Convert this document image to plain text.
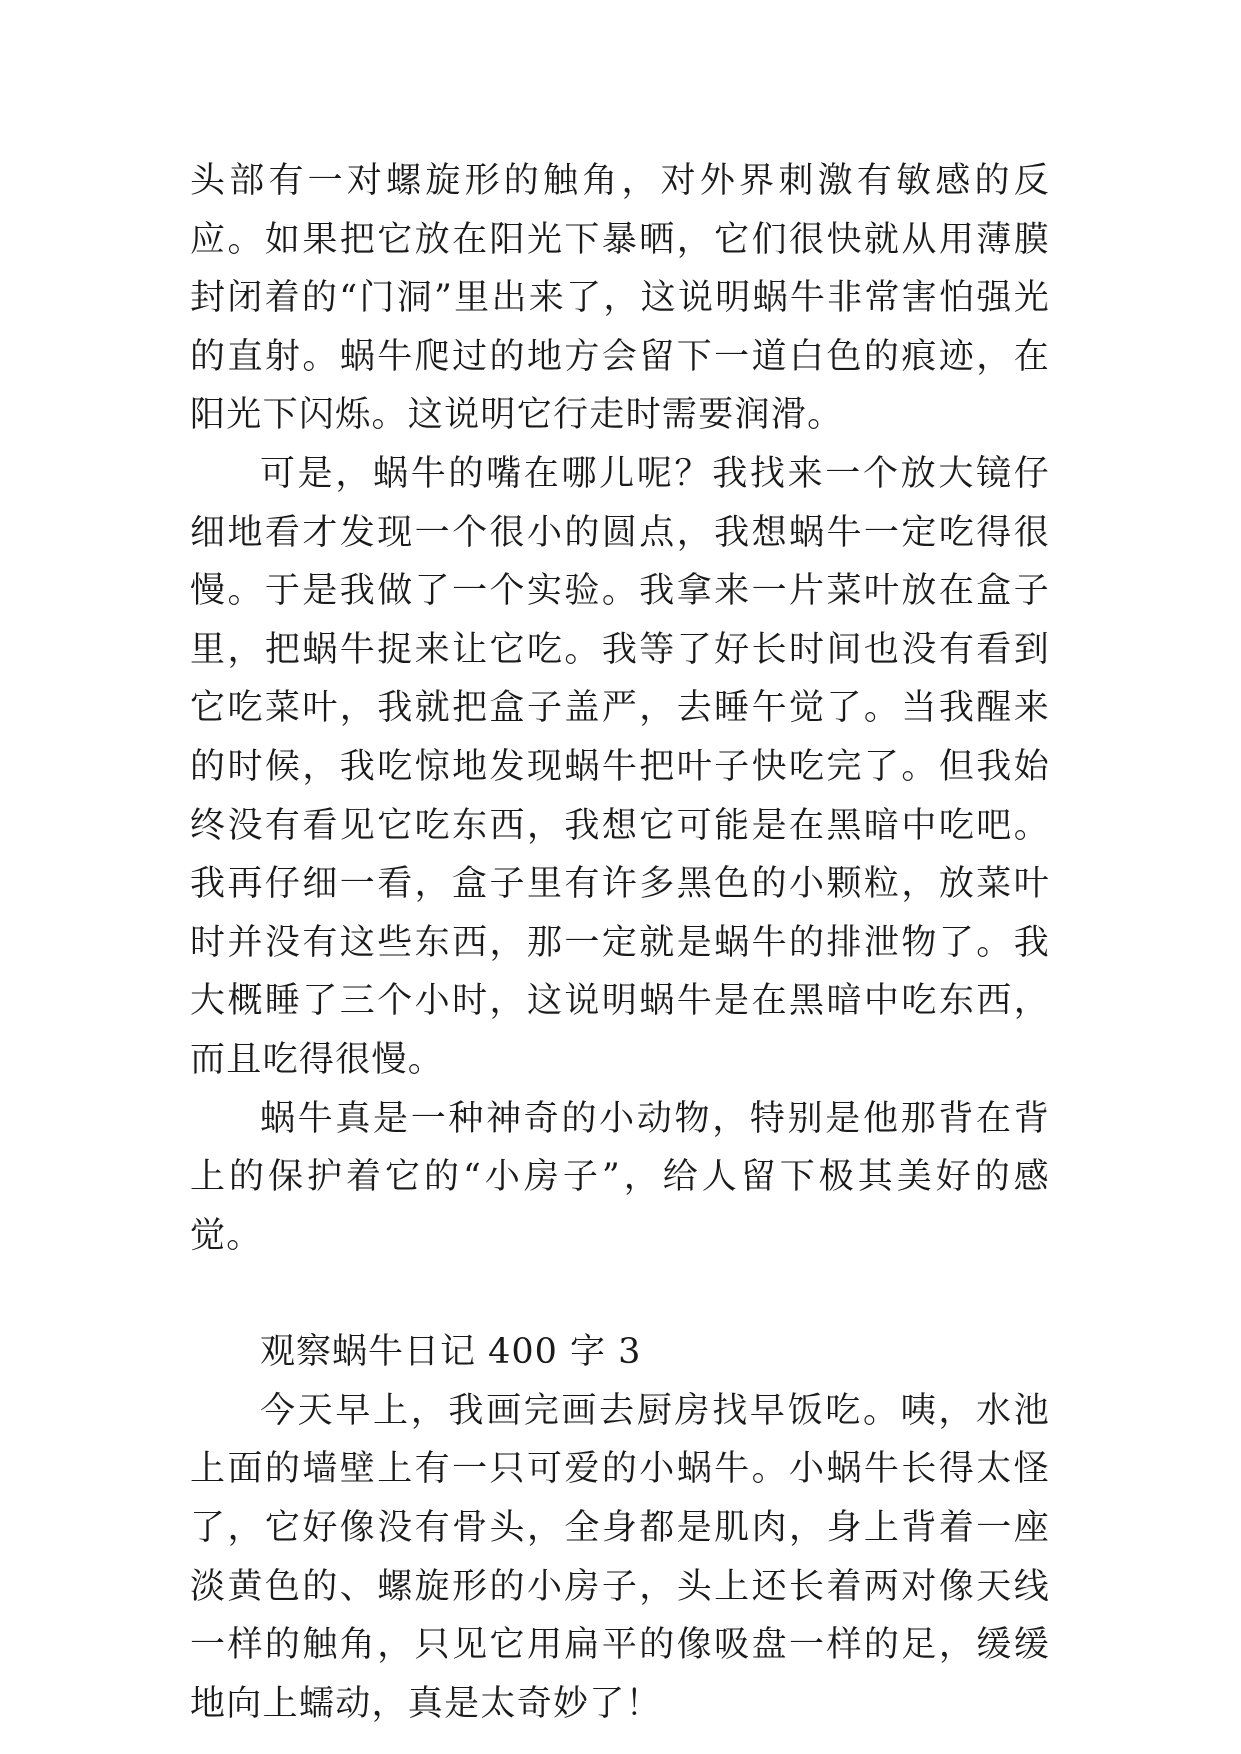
头部有一对螺旋形的触角，对外界刺激有敏感的反应。如果把它放在阳光下暴晒，它们很快就从用薄膜封闭着的“门洞”里出来了，这说明蜗牛非常害怕强光的直射。蜗牛爬过的地方会留下一道白色的痕迹，在阳光下闪烁。这说明它行走时需要润滑。

可是，蜗牛的嘴在哪儿呢？我找来一个放大镜仔细地看才发现一个很小的圆点，我想蜗牛一定吃得很慢。于是我做了一个实验。我拿来一片菜叶放在盒子里，把蜗牛捉来让它吃。我等了好长时间也没有看到它吃菜叶，我就把盒子盖严，去睡午觉了。当我醒来的时候，我吃惊地发现蜗牛把叶子快吃完了。但我始终没有看见它吃东西，我想它可能是在黑暗中吃吧。我再仔细一看，盒子里有许多黑色的小颗粒，放菜叶时并没有这些东西，那一定就是蜗牛的排泄物了。我大概睡了三个小时，这说明蜗牛是在黑暗中吃东西，而且吃得很慢。

蜗牛真是一种神奇的小动物，特别是他那背在背上的保护着它的“小房子”，给人留下极其美好的感觉。

观察蜗牛日记 400 字 3

今天早上，我画完画去厨房找早饭吃。咦，水池上面的墙壁上有一只可爱的小蜗牛。小蜗牛长得太怪了，它好像没有骨头，全身都是肌肉，身上背着一座淡黄色的、螺旋形的小房子，头上还长着两对像天线一样的触角，只见它用扁平的像吸盘一样的足，缓缓地向上蠕动，真是太奇妙了！
